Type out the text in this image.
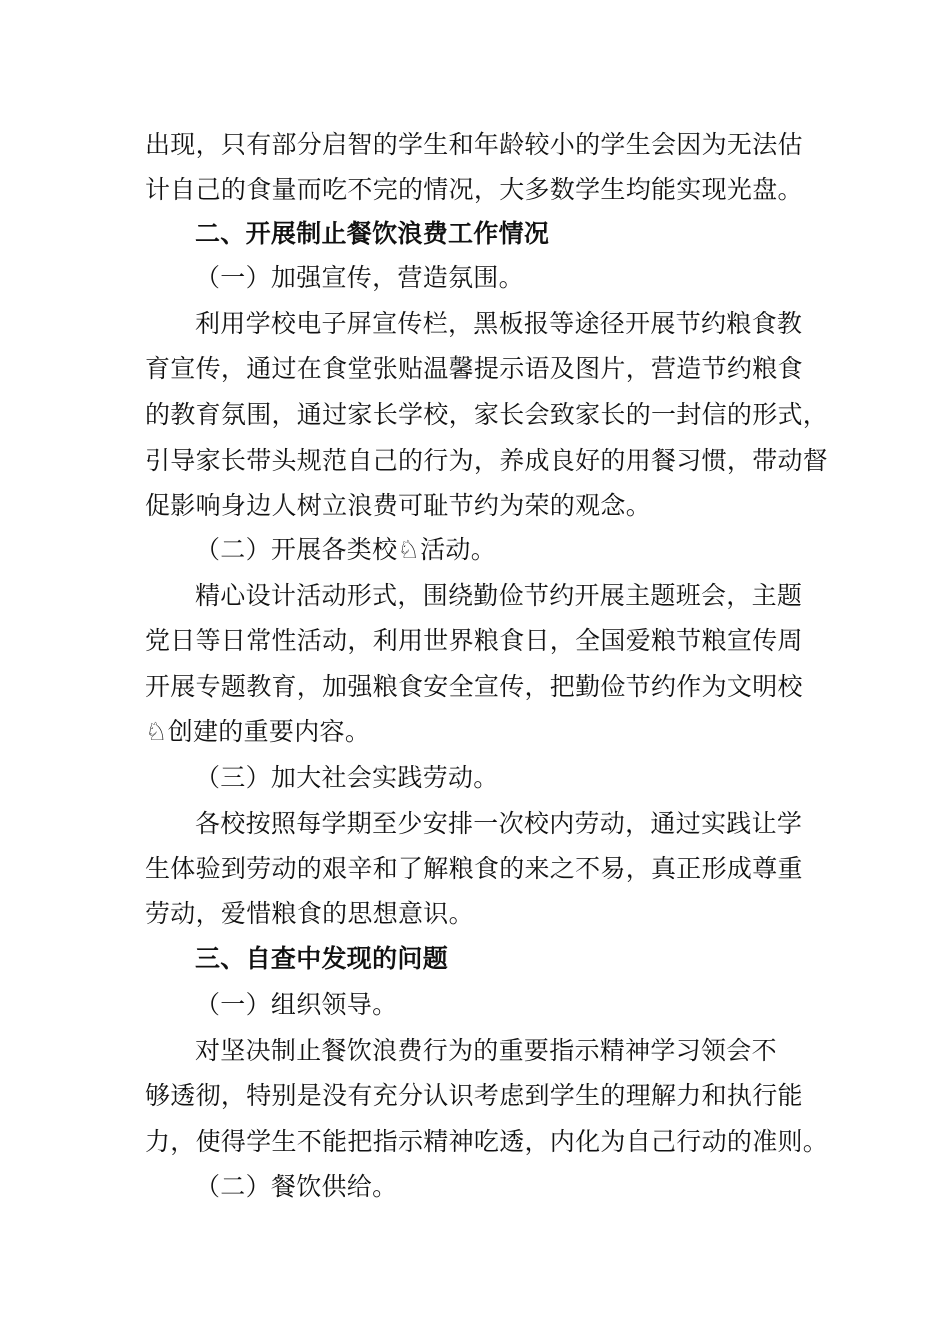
出现，只有部分启智的学生和年龄较小的学生会因为无法估
计自己的食量而吃不完的情况，大多数学生均能实现光盘。
二、开展制止餐饮浪费工作情况
（一）加强宣传，营造氛围。
利用学校电子屏宣传栏，黑板报等途径开展节约粮食教
育宣传，通过在食堂张贴温馨提示语及图片，营造节约粮食
的教育氛围，通过家长学校，家长会致家长的一封信的形式，
引导家长带头规范自己的行为，养成良好的用餐习惯，带动督
促影响身边人树立浪费可耻节约为荣的观念。
（二）开展各类校♘活动。
精心设计活动形式，围绕勤俭节约开展主题班会，主题
党日等日常性活动，利用世界粮食日，全国爱粮节粮宣传周
开展专题教育，加强粮食安全宣传，把勤俭节约作为文明校
♘创建的重要内容。
（三）加大社会实践劳动。
各校按照每学期至少安排一次校内劳动，通过实践让学
生体验到劳动的艰辛和了解粮食的来之不易，真正形成尊重
劳动，爱惜粮食的思想意识。
三、自查中发现的问题
（一）组织领导。
对坚决制止餐饮浪费行为的重要指示精神学习领会不
够透彻，特别是没有充分认识考虑到学生的理解力和执行能
力，使得学生不能把指示精神吃透，内化为自己行动的准则。
（二）餐饮供给。
